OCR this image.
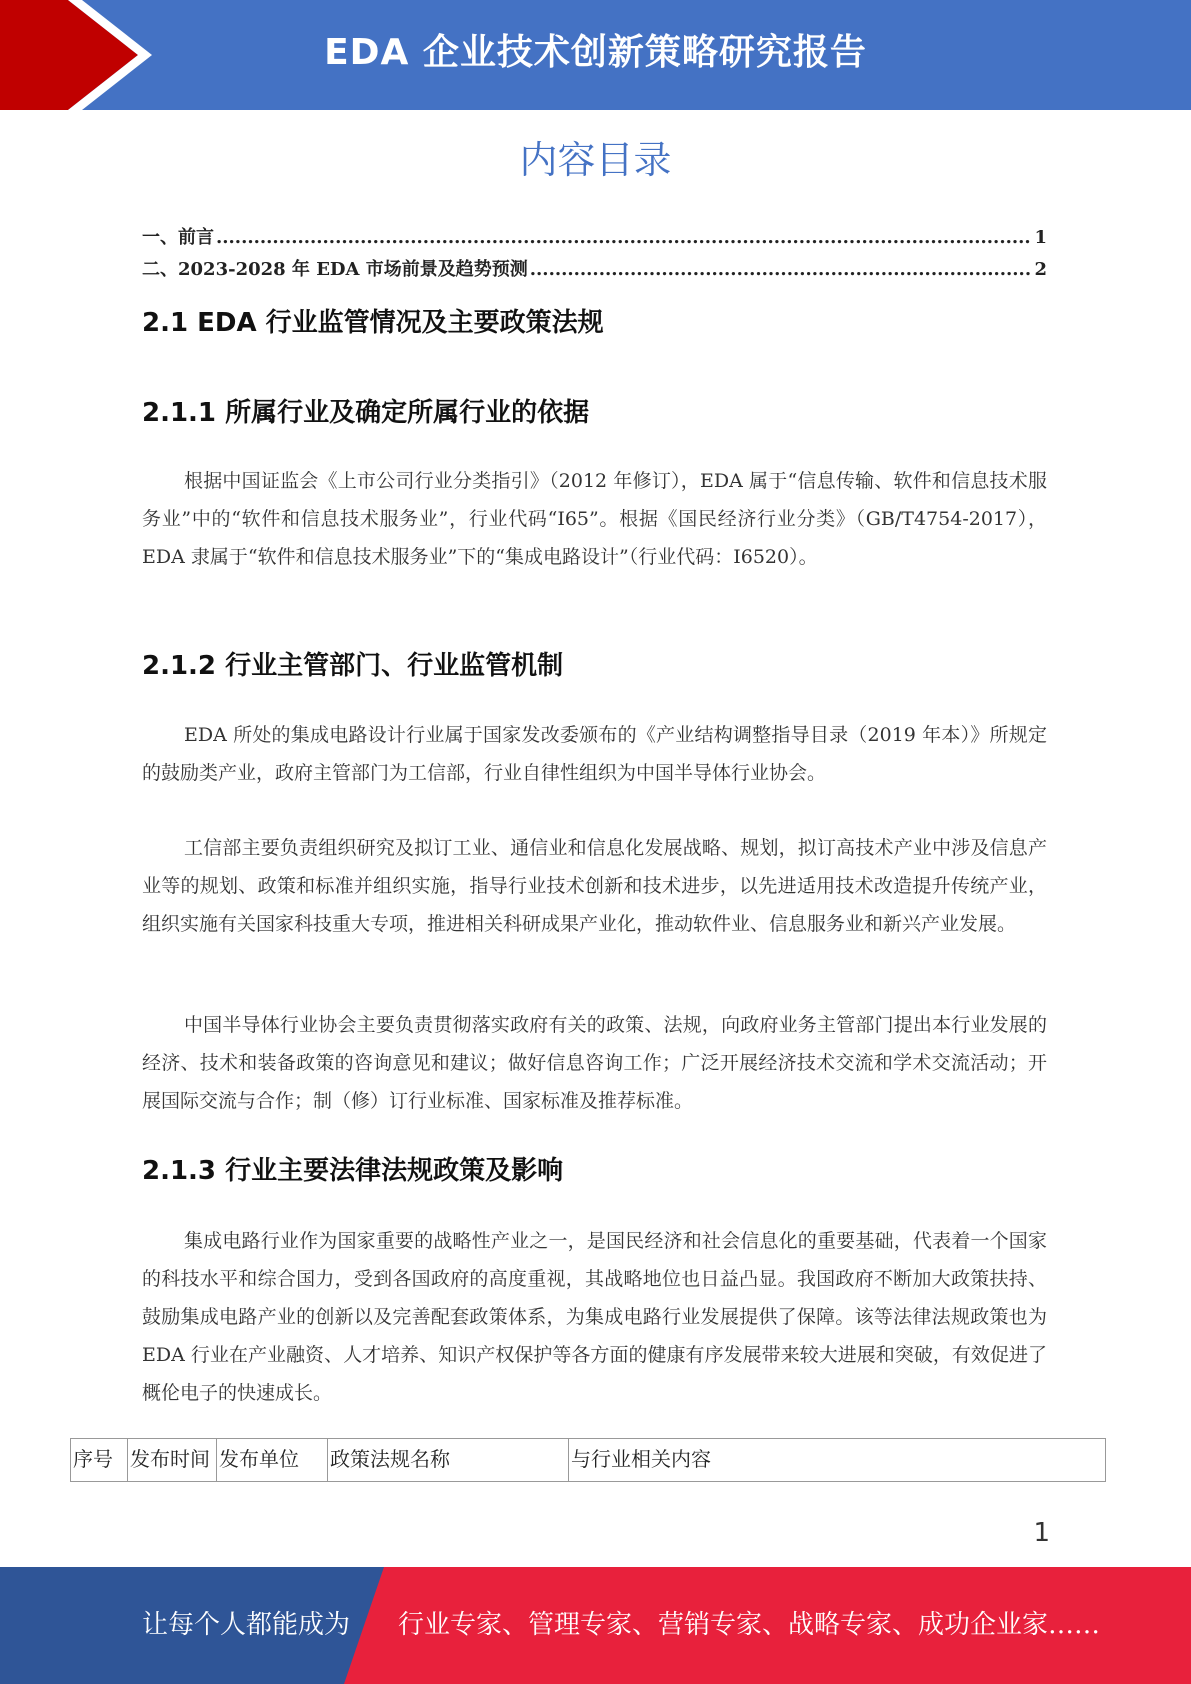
EDA 企业技术创新策略研究报告
内容目录
一、前言 .....	1
二、2023-2028 年 EDA 市场前景及趋势预测 .....	2
2.1 EDA 行业监管情况及主要政策法规
2.1.1 所属行业及确定所属行业的依据

根据中国证监会《上市公司行业分类指引》（2012 年修订），EDA 属于“信息传输、软件和信息技术服务业”中的“软件和信息技术服务业”，行业代码“I65”。根据《国民经济行业分类》（GB/T4754-2017），EDA 隶属于“软件和信息技术服务业”下的“集成电路设计”（行业代码：I6520）。

2.1.2 行业主管部门、行业监管机制

EDA 所处的集成电路设计行业属于国家发改委颁布的《产业结构调整指导目录（2019 年本）》所规定的鼓励类产业，政府主管部门为工信部，行业自律性组织为中国半导体行业协会。

工信部主要负责组织研究及拟订工业、通信业和信息化发展战略、规划，拟订高技术产业中涉及信息产业等的规划、政策和标准并组织实施，指导行业技术创新和技术进步，以先进适用技术改造提升传统产业，组织实施有关国家科技重大专项，推进相关科研成果产业化，推动软件业、信息服务业和新兴产业发展。

中国半导体行业协会主要负责贯彻落实政府有关的政策、法规，向政府业务主管部门提出本行业发展的经济、技术和装备政策的咨询意见和建议；做好信息咨询工作；广泛开展经济技术交流和学术交流活动；开展国际交流与合作；制（修）订行业标准、国家标准及推荐标准。

2.1.3 行业主要法律法规政策及影响

集成电路行业作为国家重要的战略性产业之一，是国民经济和社会信息化的重要基础，代表着一个国家的科技水平和综合国力，受到各国政府的高度重视，其战略地位也日益凸显。我国政府不断加大政策扶持、鼓励集成电路产业的创新以及完善配套政策体系，为集成电路行业发展提供了保障。该等法律法规政策也为 EDA 行业在产业融资、人才培养、知识产权保护等各方面的健康有序发展带来较大进展和突破，有效促进了概伦电子的快速成长。

序号	发布时间	发布单位	政策法规名称	与行业相关内容
1
让每个人都能成为 行业专家、管理专家、营销专家、战略专家、成功企业家……
